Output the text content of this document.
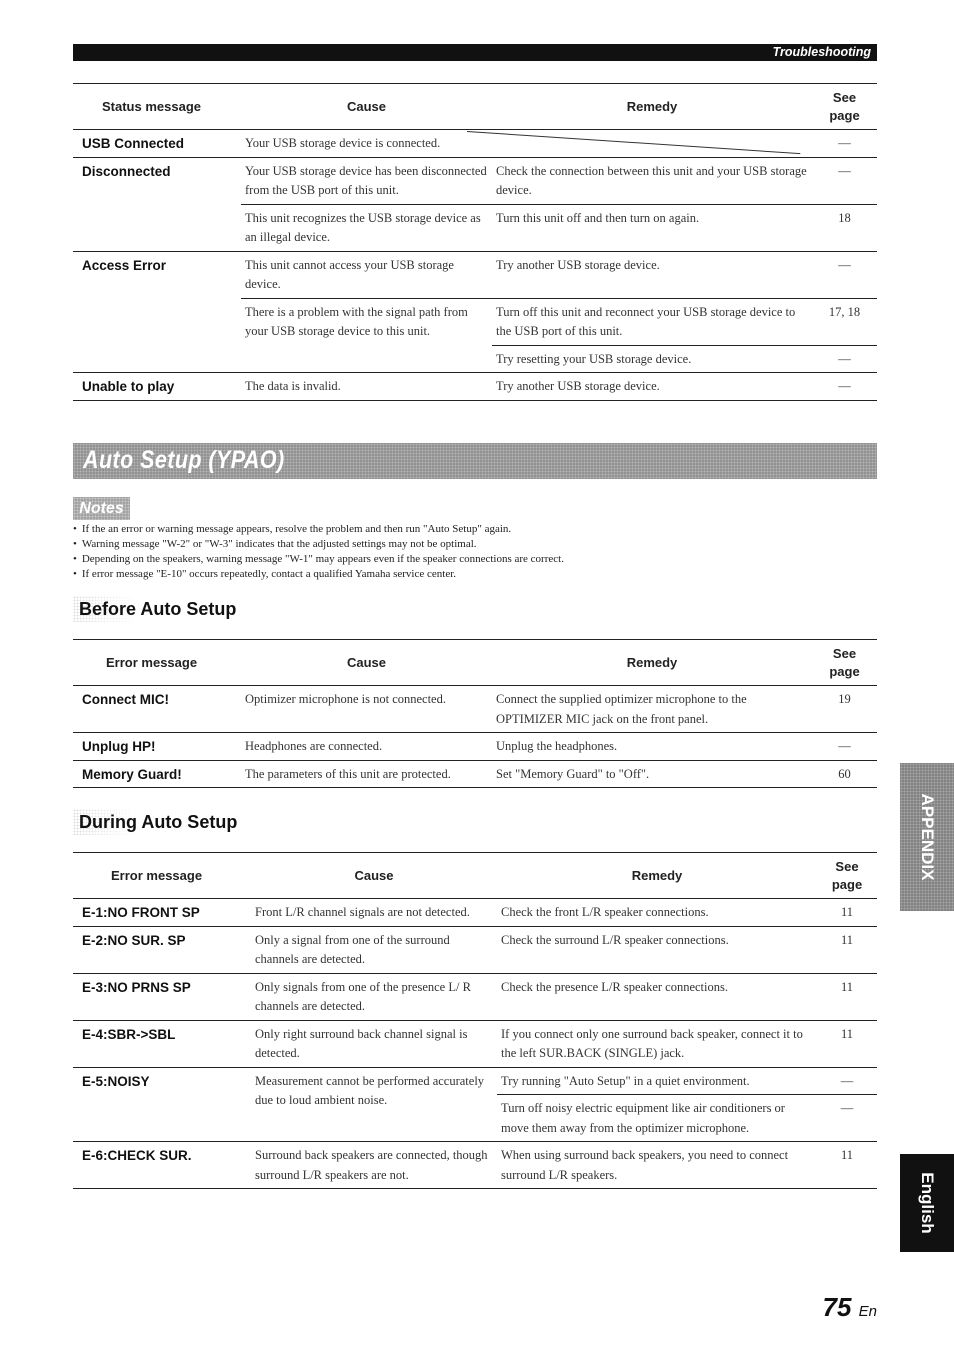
Troubleshooting
Status message	Cause	Remedy	See page
USB Connected	Your USB storage device is connected.		—
Disconnected	Your USB storage device has been disconnected from the USB port of this unit.	Check the connection between this unit and your USB storage device.	—
	This unit recognizes the USB storage device as an illegal device.	Turn this unit off and then turn on again.	18
Access Error	This unit cannot access your USB storage device.	Try another USB storage device.	—
	There is a problem with the signal path from your USB storage device to this unit.	Turn off this unit and reconnect your USB storage device to the USB port of this unit.	17, 18
		Try resetting your USB storage device.	—
Unable to play	The data is invalid.	Try another USB storage device.	—
Auto Setup (YPAO)
Notes
• If the an error or warning message appears, resolve the problem and then run "Auto Setup" again.
• Warning message "W-2" or "W-3" indicates that the adjusted settings may not be optimal.
• Depending on the speakers, warning message "W-1" may appears even if the speaker connections are correct.
• If error message "E-10" occurs repeatedly, contact a qualified Yamaha service center.
Before Auto Setup
Error message	Cause	Remedy	See page
Connect MIC!	Optimizer microphone is not connected.	Connect the supplied optimizer microphone to the OPTIMIZER MIC jack on the front panel.	19
Unplug HP!	Headphones are connected.	Unplug the headphones.	—
Memory Guard!	The parameters of this unit are protected.	Set "Memory Guard" to "Off".	60
During Auto Setup
Error message	Cause	Remedy	See page
E-1:NO FRONT SP	Front L/R channel signals are not detected.	Check the front L/R speaker connections.	11
E-2:NO SUR. SP	Only a signal from one of the surround channels are detected.	Check the surround L/R speaker connections.	11
E-3:NO PRNS SP	Only signals from one of the presence L/ R channels are detected.	Check the presence L/R speaker connections.	11
E-4:SBR->SBL	Only right surround back channel signal is detected.	If you connect only one surround back speaker, connect it to the left SUR.BACK (SINGLE) jack.	11
E-5:NOISY	Measurement cannot be performed accurately due to loud ambient noise.	Try running "Auto Setup" in a quiet environment.	—
		Turn off noisy electric equipment like air conditioners or move them away from the optimizer microphone.	—
E-6:CHECK SUR.	Surround back speakers are connected, though surround L/R speakers are not.	When using surround back speakers, you need to connect surround L/R speakers.	11
APPENDIX
English
75 En
